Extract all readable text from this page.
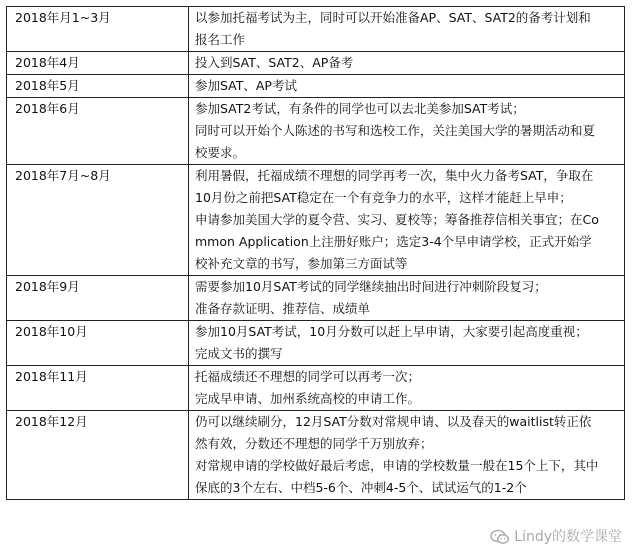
2018年月1~3月	以参加托福考试为主，同时可以开始准备AP、SAT、SAT2的备考计划和
报名工作

2018年4月	投入到SAT、SAT2、AP备考

2018年5月	参加SAT、AP考试

2018年6月	参加SAT2考试，有条件的同学也可以去北美参加SAT考试；
同时可以开始个人陈述的书写和选校工作，关注美国大学的暑期活动和夏
校要求。

2018年7月~8月	利用暑假，托福成绩不理想的同学再考一次，集中火力备考SAT，争取在
10月份之前把SAT稳定在一个有竞争力的水平，这样才能赶上早申；
申请参加美国大学的夏令营、实习、夏校等；筹备推荐信相关事宜；在Co
mmon Application上注册好账户；选定3-4个早申请学校，正式开始学
校补充文章的书写，参加第三方面试等

2018年9月	需要参加10月SAT考试的同学继续抽出时间进行冲刺阶段复习；
准备存款证明、推荐信、成绩单

2018年10月	参加10月SAT考试，10月分数可以赶上早申请，大家要引起高度重视；
完成文书的撰写

2018年11月	托福成绩还不理想的同学可以再考一次；
完成早申请、加州系统高校的申请工作。

2018年12月	仍可以继续刷分，12月SAT分数对常规申请、以及春天的waitlist转正依
然有效，分数还不理想的同学千万别放弃；
对常规申请的学校做好最后考虑，申请的学校数量一般在15个上下，其中
保底的3个左右、中档5-6个、冲刺4-5个、试试运气的1-2个
Lindy的数学课堂
